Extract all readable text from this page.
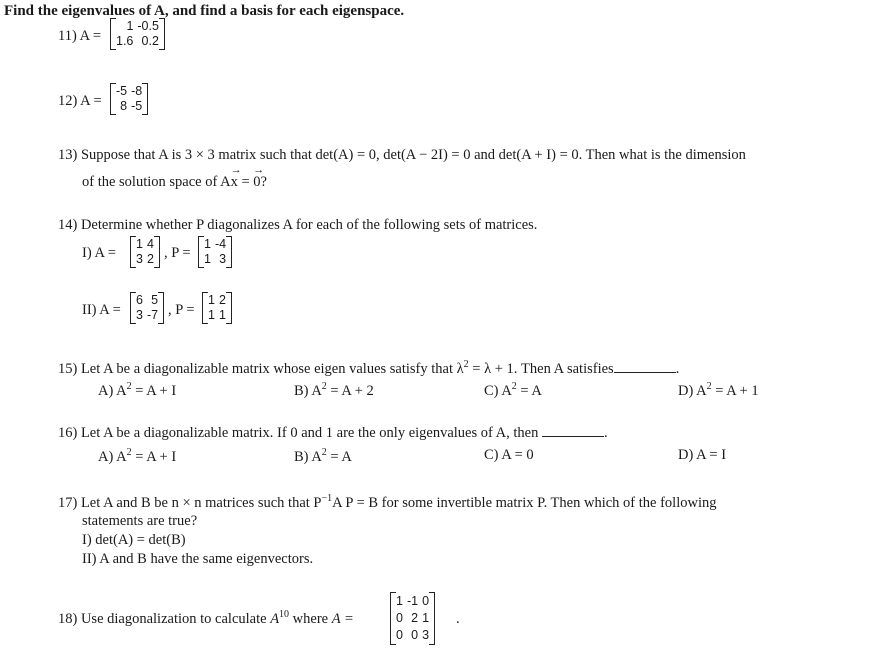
Find the eigenvalues of A, and find a basis for each eigenspace.
11) A =
1 -0.5
1.6 0.2
12) A =
-5 -8
8 -5
13) Suppose that A is 3 × 3 matrix such that det(A) = 0, det(A − 2I) = 0 and det(A + I) = 0. Then what is the dimension
of the solution space of A→ x = → 0?
14) Determine whether P diagonalizes A for each of the following sets of matrices.
I) A =
1 4
3 2 , P =
1 -4
1 3
II) A =
6 5
3 -7 , P =
1 2
1 1
15) Let A be a diagonalizable matrix whose eigen values satisfy that $\lambda^2 = \lambda + 1$. Then A satisfies	.
A) $A^2 = A + I$	B) $A^2 = A + 2$	C) $A^2 = A$	D) $A^2 = A + 1$
16) Let A be a diagonalizable matrix. If 0 and 1 are the only eigenvalues of A, then	.
A) $A^2 = A + I$	B) $A^2 = A$	C) A = 0	D) A = I
17) Let A and B be n × n matrices such that $P^{-1}A$ P = B for some invertible matrix P. Then which of the following
statements are true?
I) det(A) = det(B)
II) A and B have the same eigenvectors.
18) Use diagonalization to calculate $A^{10}$ where A =
1 -1 0
0 2 1
0 0 3
.
